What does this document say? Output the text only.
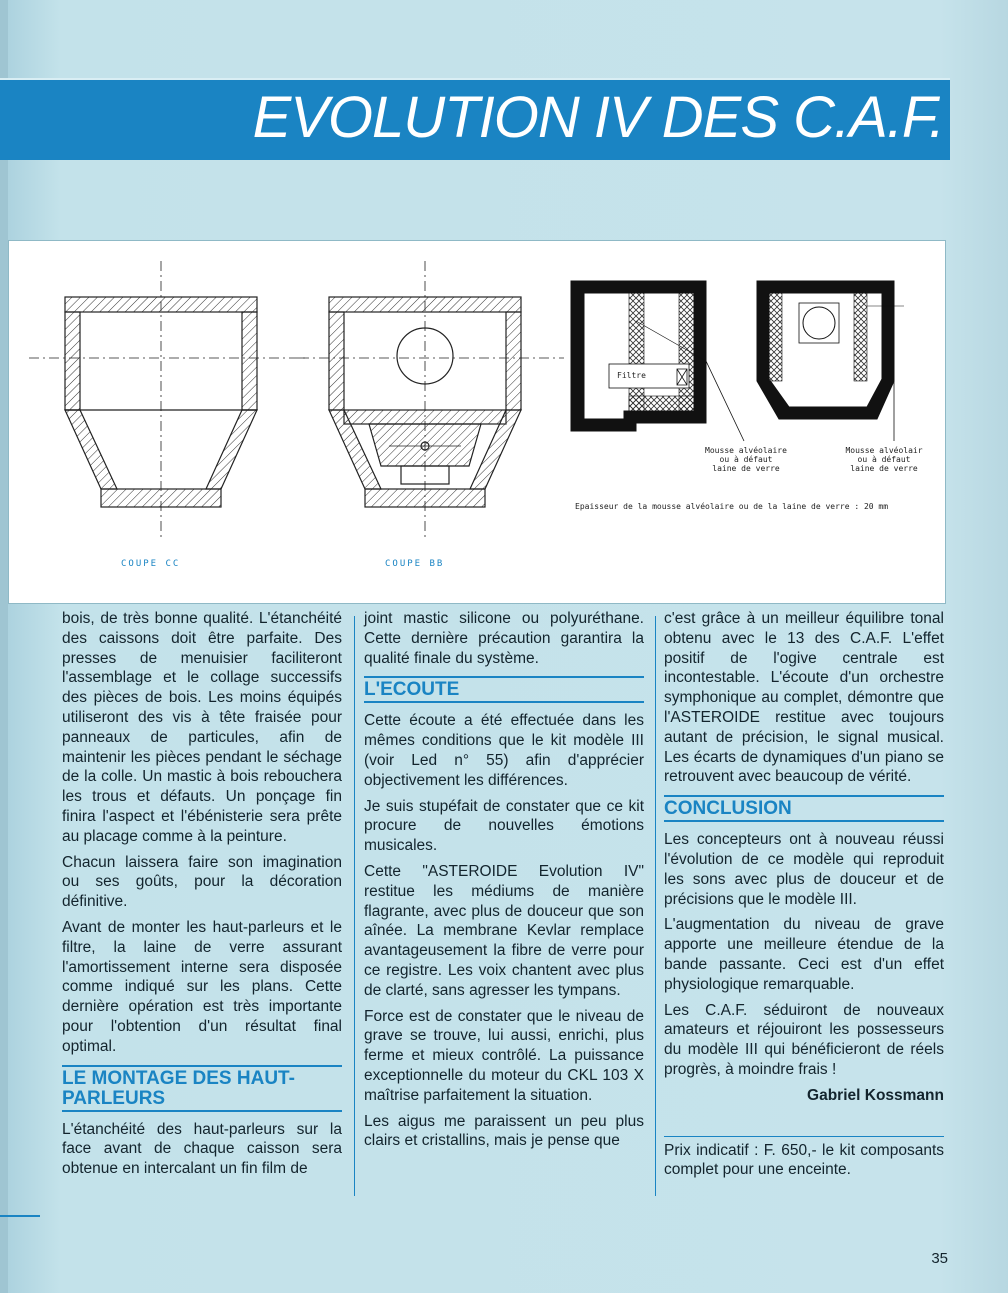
EVOLUTION IV DES C.A.F.
Filtre
Mousse alvéolaire
ou à défaut
laine de verre
Mousse alvéolair
ou à défaut
laine de verre
Epaisseur de la mousse alvéolaire ou de la laine de verre : 20 mm
COUPE CC	COUPE BB

bois, de très bonne qualité. L'étanchéité des caissons doit être parfaite. Des presses de menuisier faciliteront l'assemblage et le collage successifs des pièces de bois. Les moins équipés utiliseront des vis à tête fraisée pour panneaux de particules, afin de maintenir les pièces pendant le séchage de la colle. Un mastic à bois rebouchera les trous et défauts. Un ponçage fin finira l'aspect et l'ébénisterie sera prête au placage comme à la peinture.

Chacun laissera faire son imagination ou ses goûts, pour la décoration définitive.

Avant de monter les haut-parleurs et le filtre, la laine de verre assurant l'amortissement interne sera disposée comme indiqué sur les plans. Cette dernière opération est très importante pour l'obtention d'un résultat final optimal.

LE MONTAGE DES HAUT-PARLEURS

L'étanchéité des haut-parleurs sur la face avant de chaque caisson sera obtenue en intercalant un fin film de

joint mastic silicone ou polyuréthane. Cette dernière précaution garantira la qualité finale du système.

L'ECOUTE

Cette écoute a été effectuée dans les mêmes conditions que le kit modèle III (voir Led n° 55) afin d'apprécier objectivement les différences.

Je suis stupéfait de constater que ce kit procure de nouvelles émotions musicales.

Cette "ASTEROIDE Evolution IV" restitue les médiums de manière flagrante, avec plus de douceur que son aînée. La membrane Kevlar remplace avantageusement la fibre de verre pour ce registre. Les voix chantent avec plus de clarté, sans agresser les tympans.

Force est de constater que le niveau de grave se trouve, lui aussi, enrichi, plus ferme et mieux contrôlé. La puissance exceptionnelle du moteur du CKL 103 X maîtrise parfaitement la situation.

Les aigus me paraissent un peu plus clairs et cristallins, mais je pense que

c'est grâce à un meilleur équilibre tonal obtenu avec le 13 des C.A.F. L'effet positif de l'ogive centrale est incontestable. L'écoute d'un orchestre symphonique au complet, démontre que l'ASTEROIDE restitue avec toujours autant de précision, le signal musical. Les écarts de dynamiques d'un piano se retrouvent avec beaucoup de vérité.

CONCLUSION

Les concepteurs ont à nouveau réussi l'évolution de ce modèle qui reproduit les sons avec plus de douceur et de précisions que le modèle III.

L'augmentation du niveau de grave apporte une meilleure étendue de la bande passante. Ceci est d'un effet physiologique remarquable.

Les C.A.F. séduiront de nouveaux amateurs et réjouiront les possesseurs du modèle III qui bénéficieront de réels progrès, à moindre frais !

Gabriel Kossmann

Prix indicatif : F. 650,- le kit composants complet pour une enceinte.

35
